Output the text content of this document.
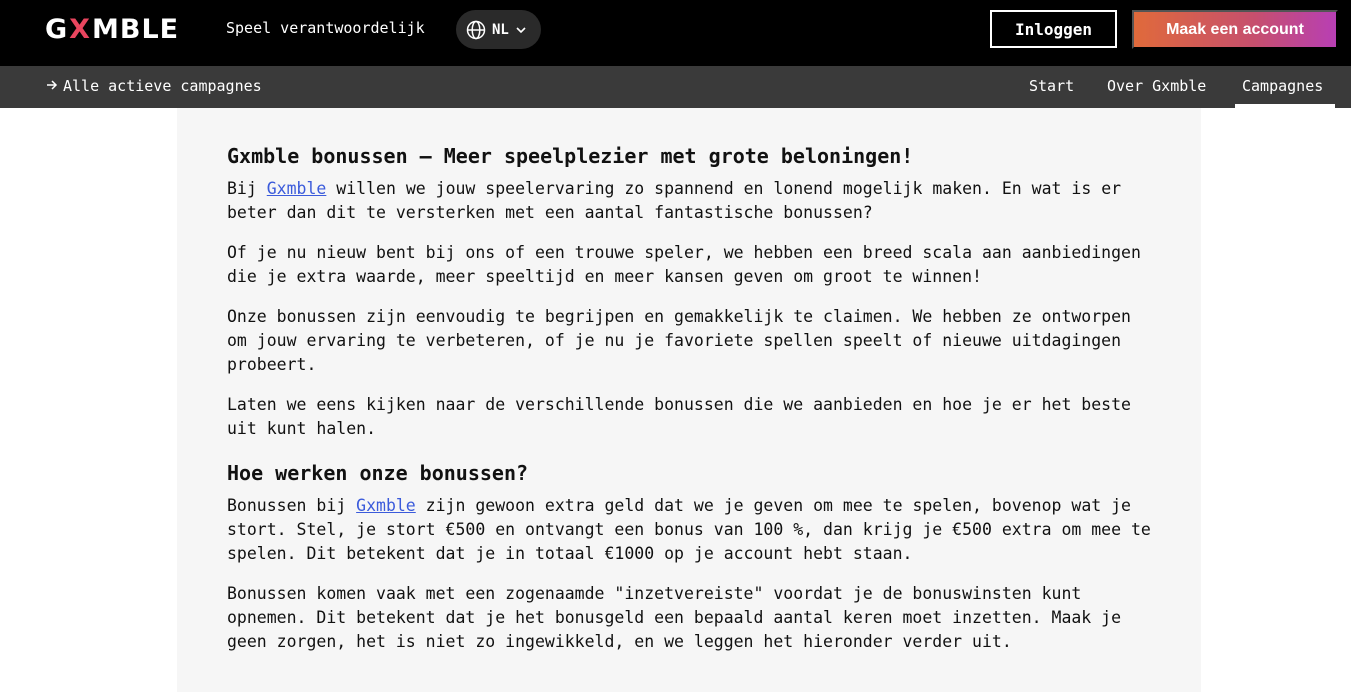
G X MBLE	Speel verantwoordelijk	NL	Inloggen	Maak een account
Alle actieve campagnes	Start Over Gxmble Campagnes
Gxmble bonussen – Meer speelplezier met grote beloningen!

Bij Gxmble willen we jouw speelervaring zo spannend en lonend mogelijk maken. En wat is er beter dan dit te versterken met een aantal fantastische bonussen?

Of je nu nieuw bent bij ons of een trouwe speler, we hebben een breed scala aan aanbiedingen die je extra waarde, meer speeltijd en meer kansen geven om groot te winnen!

Onze bonussen zijn eenvoudig te begrijpen en gemakkelijk te claimen. We hebben ze ontworpen om jouw ervaring te verbeteren, of je nu je favoriete spellen speelt of nieuwe uitdagingen probeert.

Laten we eens kijken naar de verschillende bonussen die we aanbieden en hoe je er het beste uit kunt halen.

Hoe werken onze bonussen?

Bonussen bij Gxmble zijn gewoon extra geld dat we je geven om mee te spelen, bovenop wat je stort. Stel, je stort €500 en ontvangt een bonus van 100 %, dan krijg je €500 extra om mee te spelen. Dit betekent dat je in totaal €1000 op je account hebt staan.

Bonussen komen vaak met een zogenaamde "inzetvereiste" voordat je de bonuswinsten kunt opnemen. Dit betekent dat je het bonusgeld een bepaald aantal keren moet inzetten. Maak je geen zorgen, het is niet zo ingewikkeld, en we leggen het hieronder verder uit.
